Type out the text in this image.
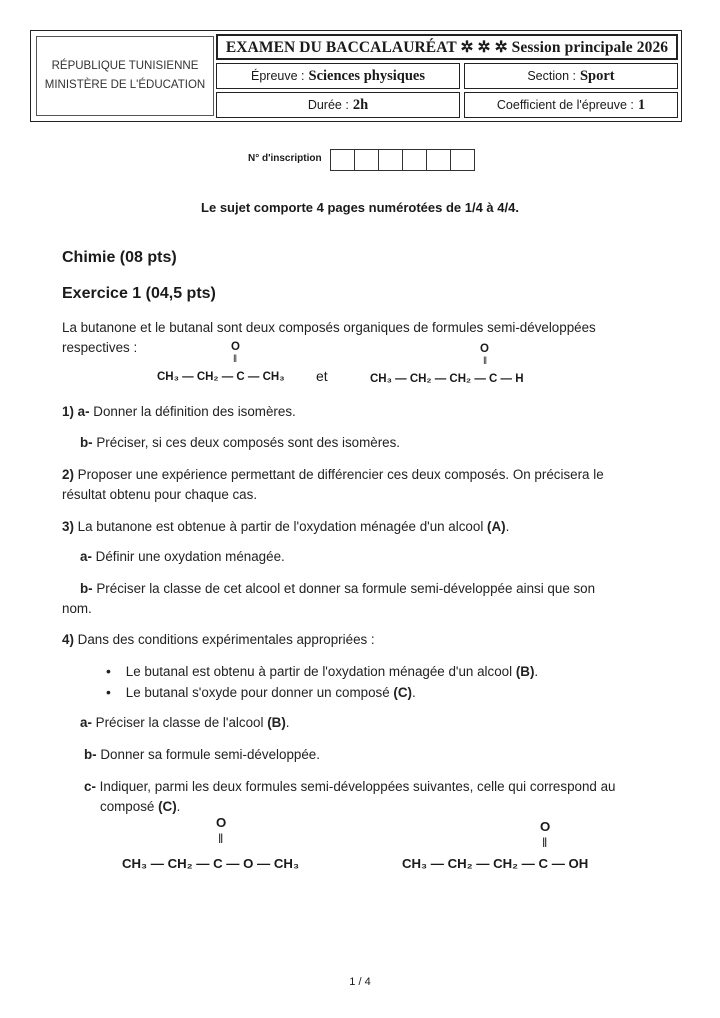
RÉPUBLIQUE TUNISIENNE
MINISTÈRE DE L'ÉDUCATION
EXAMEN DU BACCALAURÉAT ✲ ✲ ✲ Session principale 2026
Épreuve : Sciences physiques	Section : Sport
Durée : 2h	Coefficient de l'épreuve : 1
N° d'inscription
Le sujet comporte 4 pages numérotées de 1/4 à 4/4.
Chimie (08 pts)
Exercice 1 (04,5 pts)
La butanone et le butanal sont deux composés organiques de formules semi-développées
respectives :	O
‖
CH₃ — CH₂ — C — CH₃ et
O
‖
CH₃ — CH₂ — CH₂ — C — H
1) a- Donner la définition des isomères.
b- Préciser, si ces deux composés sont des isomères.
2) Proposer une expérience permettant de différencier ces deux composés. On précisera le
résultat obtenu pour chaque cas.
3) La butanone est obtenue à partir de l'oxydation ménagée d'un alcool (A).
a- Définir une oxydation ménagée.
b- Préciser la classe de cet alcool et donner sa formule semi-développée ainsi que son
nom.
4) Dans des conditions expérimentales appropriées :
• Le butanal est obtenu à partir de l'oxydation ménagée d'un alcool (B).
• Le butanal s'oxyde pour donner un composé (C).
a- Préciser la classe de l'alcool (B).
b- Donner sa formule semi-développée.
c- Indiquer, parmi les deux formules semi-développées suivantes, celle qui correspond au
composé (C).
O
‖
CH₃ — CH₂ — C — O — CH₃
O
‖
CH₃ — CH₂ — CH₂ — C — OH
1 / 4
